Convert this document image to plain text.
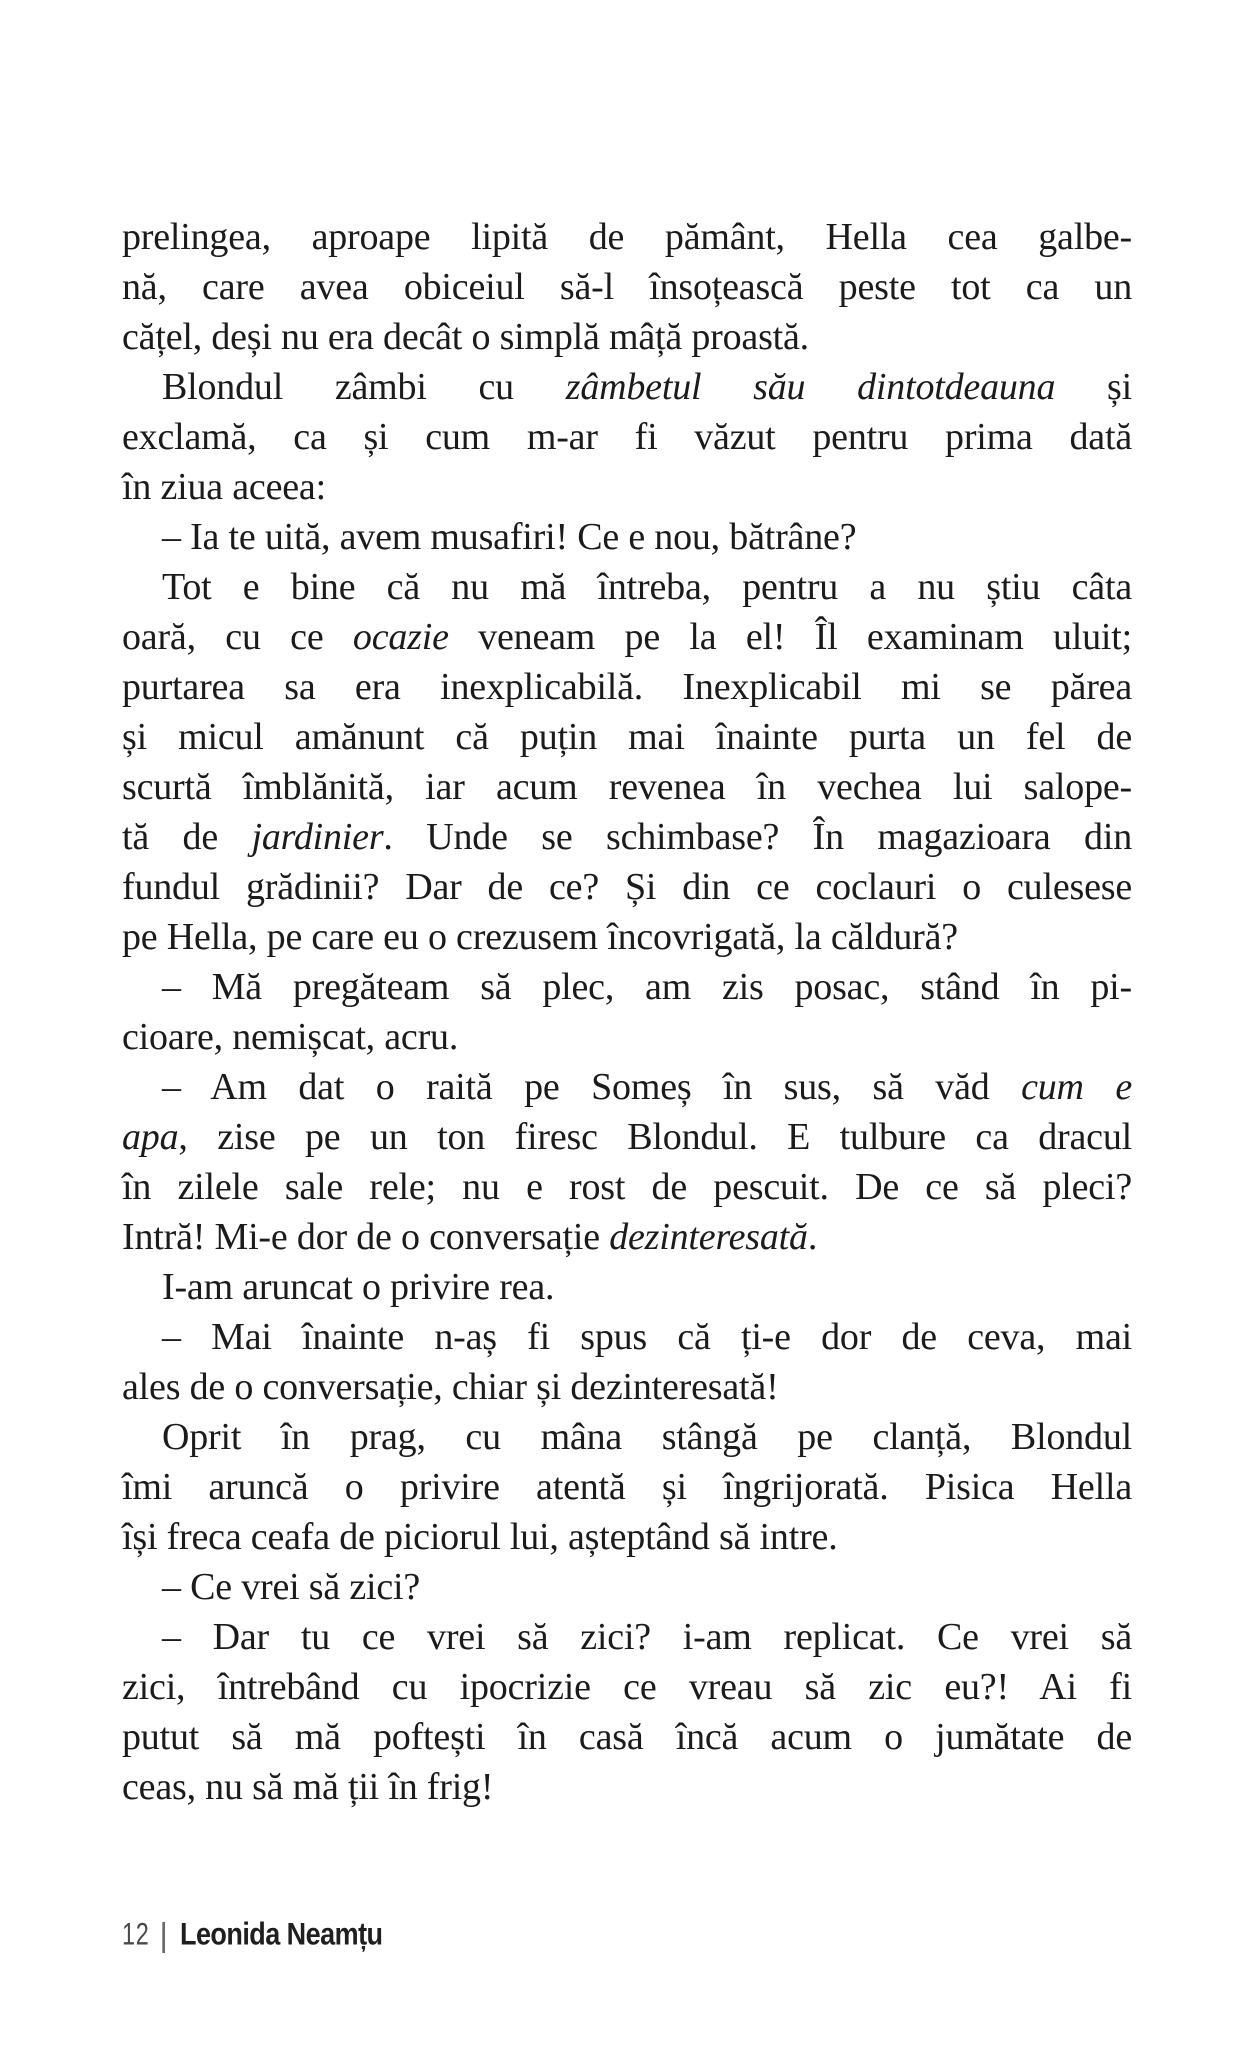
prelingea, aproape lipită de pământ, Hella cea galbe-
nă, care avea obiceiul să-l însoțească peste tot ca un
cățel, deși nu era decât o simplă mâță proastă.
Blondul zâmbi cu zâmbetul său dintotdeauna și
exclamă, ca și cum m-ar fi văzut pentru prima dată
în ziua aceea:
– Ia te uită, avem musafiri! Ce e nou, bătrâne?
Tot e bine că nu mă întreba, pentru a nu știu câta
oară, cu ce ocazie veneam pe la el! Îl examinam uluit;
purtarea sa era inexplicabilă. Inexplicabil mi se părea
și micul amănunt că puțin mai înainte purta un fel de
scurtă îmblănită, iar acum revenea în vechea lui salope-
tă de jardinier. Unde se schimbase? În magazioara din
fundul grădinii? Dar de ce? Și din ce coclauri o culesese
pe Hella, pe care eu o crezusem încovrigată, la căldură?
– Mă pregăteam să plec, am zis posac, stând în pi-
cioare, nemișcat, acru.
– Am dat o raită pe Someș în sus, să văd cum e
apa, zise pe un ton firesc Blondul. E tulbure ca dracul
în zilele sale rele; nu e rost de pescuit. De ce să pleci?
Intră! Mi-e dor de o conversație dezinteresată.
I-am aruncat o privire rea.
– Mai înainte n-aș fi spus că ți-e dor de ceva, mai
ales de o conversație, chiar și dezinteresată!
Oprit în prag, cu mâna stângă pe clanță, Blondul
îmi aruncă o privire atentă și îngrijorată. Pisica Hella
își freca ceafa de piciorul lui, așteptând să intre.
– Ce vrei să zici?
– Dar tu ce vrei să zici? i-am replicat. Ce vrei să
zici, întrebând cu ipocrizie ce vreau să zic eu?! Ai fi
putut să mă poftești în casă încă acum o jumătate de
ceas, nu să mă ții în frig!
12 | Leonida Neamțu
